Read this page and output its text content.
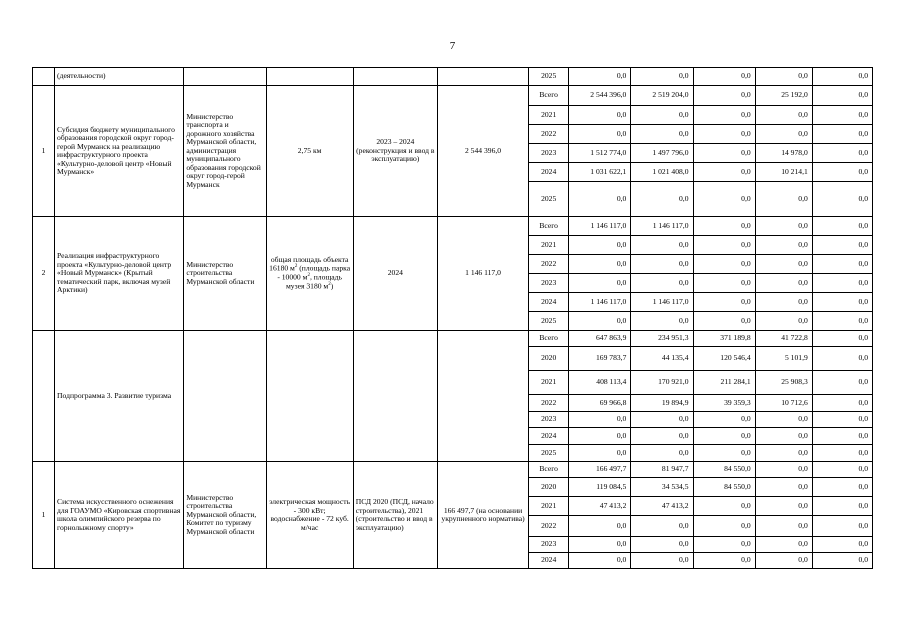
7
	(деятельности)					2025	0,0	0,0	0,0	0,0	0,0
1	Субсидия бюджету муниципального образования городской округ город-герой Мурманск на реализацию инфраструктурного проекта «Культурно-деловой центр «Новый Мурманск»	Министерство транспорта и дорожного хозяйства Мурманской области, администрация муниципального образования городской округ город-герой Мурманск	2,75 км	2023 – 2024 (реконструкция и ввод в эксплуатацию)	2 544 396,0	Всего	2 544 396,0	2 519 204,0	0,0	25 192,0	0,0
						2021	0,0	0,0	0,0	0,0	0,0
						2022	0,0	0,0	0,0	0,0	0,0
						2023	1 512 774,0	1 497 796,0	0,0	14 978,0	0,0
						2024	1 031 622,1	1 021 408,0	0,0	10 214,1	0,0
						2025	0,0	0,0	0,0	0,0	0,0
2	Реализация инфраструктурного проекта «Культурно-деловой центр «Новый Мурманск» (Крытый тематический парк, включая музей Арктики)	Министерство строительства Мурманской области	общая площадь объекта 16180 $м^2$ (площадь парка - 10000 $м^2$, площадь музея 3180 $м^2$)	2024	1 146 117,0	Всего	1 146 117,0	1 146 117,0	0,0	0,0	0,0
						2021	0,0	0,0	0,0	0,0	0,0
						2022	0,0	0,0	0,0	0,0	0,0
						2023	0,0	0,0	0,0	0,0	0,0
						2024	1 146 117,0	1 146 117,0	0,0	0,0	0,0
						2025	0,0	0,0	0,0	0,0	0,0
	Подпрограмма 3. Развитие туризма					Всего	647 863,9	234 951,3	371 189,8	41 722,8	0,0
						2020	169 783,7	44 135,4	120 546,4	5 101,9	0,0
						2021	408 113,4	170 921,0	211 284,1	25 908,3	0,0
						2022	69 966,8	19 894,9	39 359,3	10 712,6	0,0
						2023	0,0	0,0	0,0	0,0	0,0
						2024	0,0	0,0	0,0	0,0	0,0
						2025	0,0	0,0	0,0	0,0	0,0
1	Система искусственного оснежения для ГОАУМО «Кировская спортивная школа олимпийского резерва по горнолыжному спорту»	Министерство строительства Мурманской области, Комитет по туризму Мурманской области	электрическая мощность - 300 кВт; водоснабжение - 72 куб. м/час	ПСД 2020 (ПСД, начало строительства), 2021 (строительство и ввод в эксплуатацию)	166 497,7 (на основании укрупненного норматива)	Всего	166 497,7	81 947,7	84 550,0	0,0	0,0
						2020	119 084,5	34 534,5	84 550,0	0,0	0,0
						2021	47 413,2	47 413,2	0,0	0,0	0,0
						2022	0,0	0,0	0,0	0,0	0,0
						2023	0,0	0,0	0,0	0,0	0,0
						2024	0,0	0,0	0,0	0,0	0,0
